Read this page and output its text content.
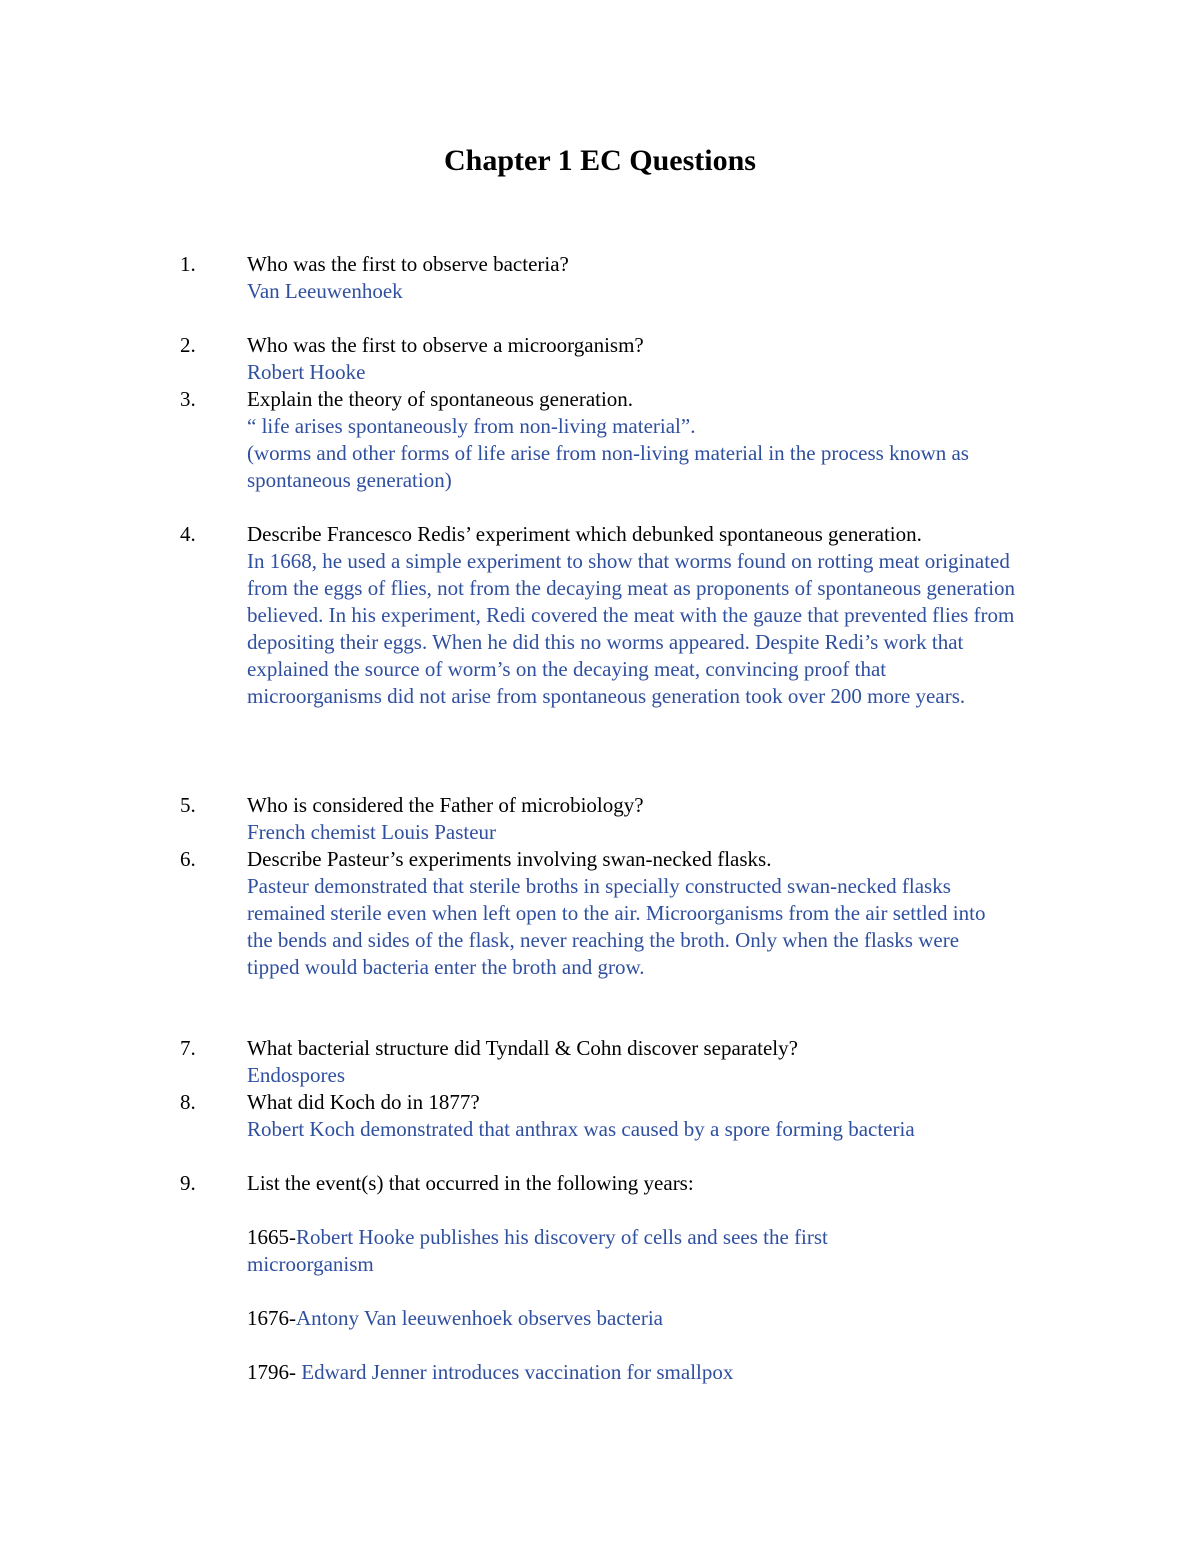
Chapter 1 EC Questions
1.	Who was the first to observe bacteria?
Van Leeuwenhoek
2.	Who was the first to observe a microorganism?
Robert Hooke
3.	Explain the theory of spontaneous generation.
“ life arises spontaneously from non-living material”.
(worms and other forms of life arise from non-living material in the process known as spontaneous generation)
4.	Describe Francesco Redis’ experiment which debunked spontaneous generation.
In 1668, he used a simple experiment to show that worms found on rotting meat originated from the eggs of flies, not from the decaying meat as proponents of spontaneous generation believed. In his experiment, Redi covered the meat with the gauze that prevented flies from depositing their eggs. When he did this no worms appeared. Despite Redi’s work that explained the source of worm’s on the decaying meat, convincing proof that microorganisms did not arise from spontaneous generation took over 200 more years.
5.	Who is considered the Father of microbiology?
French chemist Louis Pasteur
6.	Describe Pasteur’s experiments involving swan-necked flasks.
Pasteur demonstrated that sterile broths in specially constructed swan-necked flasks remained sterile even when left open to the air. Microorganisms from the air settled into the bends and sides of the flask, never reaching the broth. Only when the flasks were tipped would bacteria enter the broth and grow.
7.	What bacterial structure did Tyndall & Cohn discover separately?
Endospores
8.	What did Koch do in 1877?
Robert Koch demonstrated that anthrax was caused by a spore forming bacteria
9.	List the event(s) that occurred in the following years:
1665-Robert Hooke publishes his discovery of cells and sees the first microorganism
1676-Antony Van leeuwenhoek observes bacteria
1796- Edward Jenner introduces vaccination for smallpox
